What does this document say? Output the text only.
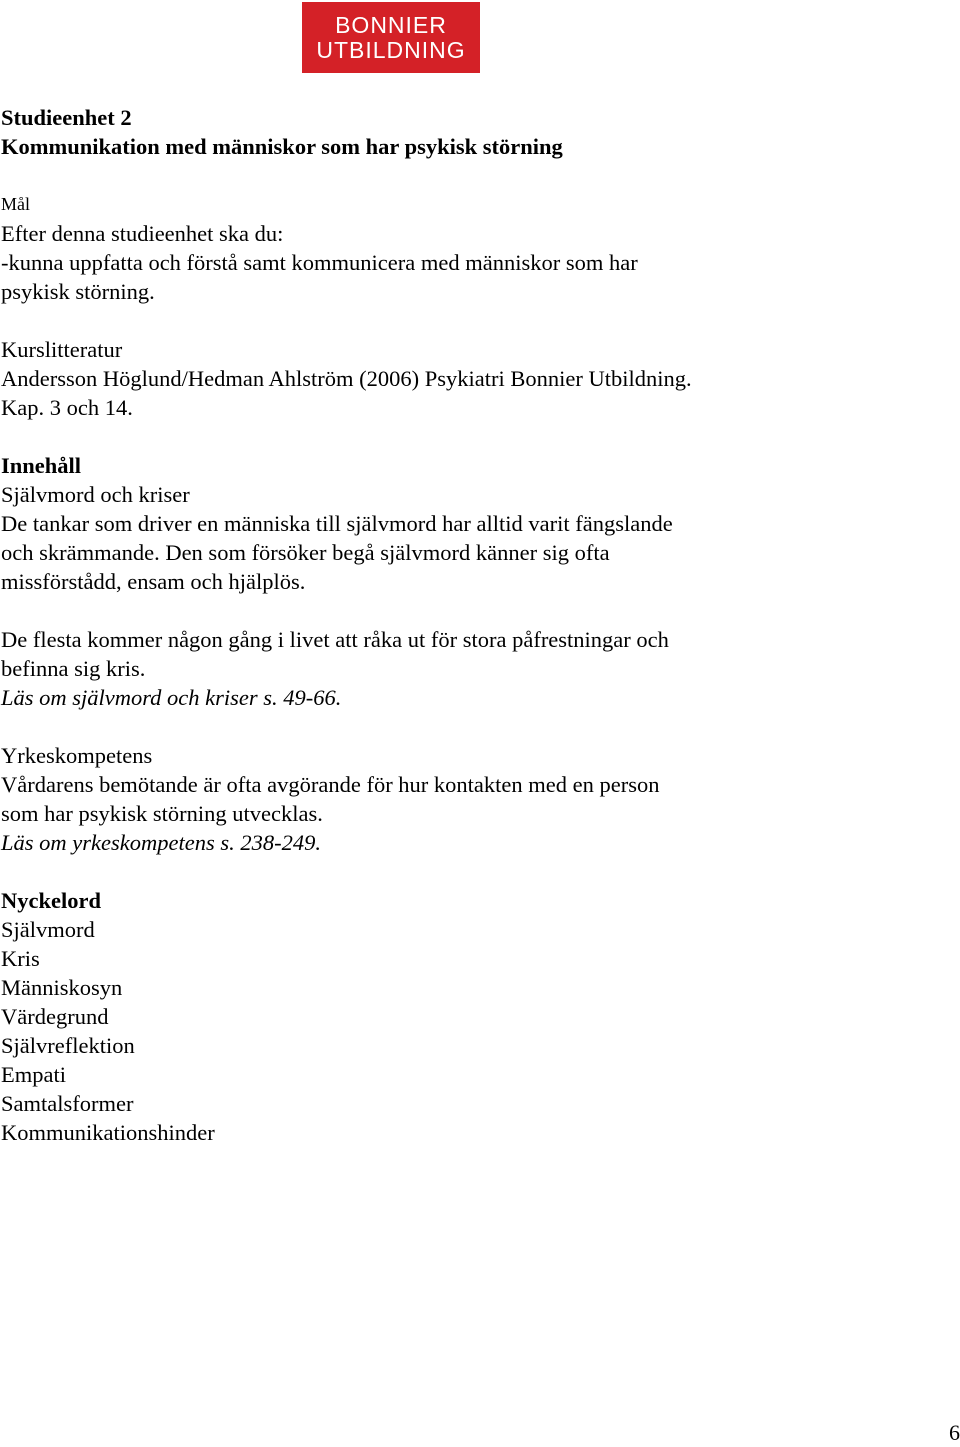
BONNIER
UTBILDNING
Studieenhet 2
Kommunikation med människor som har psykisk störning
Mål
Efter denna studieenhet ska du:
-kunna uppfatta och förstå samt kommunicera med människor som har
psykisk störning.
Kurslitteratur
Andersson Höglund/Hedman Ahlström (2006) Psykiatri Bonnier Utbildning.
Kap. 3 och 14.
Innehåll
Självmord och kriser
De tankar som driver en människa till självmord har alltid varit fängslande
och skrämmande. Den som försöker begå självmord känner sig ofta
missförstådd, ensam och hjälplös.
De flesta kommer någon gång i livet att råka ut för stora påfrestningar och
befinna sig kris.
Läs om självmord och kriser s. 49-66.
Yrkeskompetens
Vårdarens bemötande är ofta avgörande för hur kontakten med en person
som har psykisk störning utvecklas.
Läs om yrkeskompetens s. 238-249.
Nyckelord
Självmord
Kris
Människosyn
Värdegrund
Självreflektion
Empati
Samtalsformer
Kommunikationshinder
6
